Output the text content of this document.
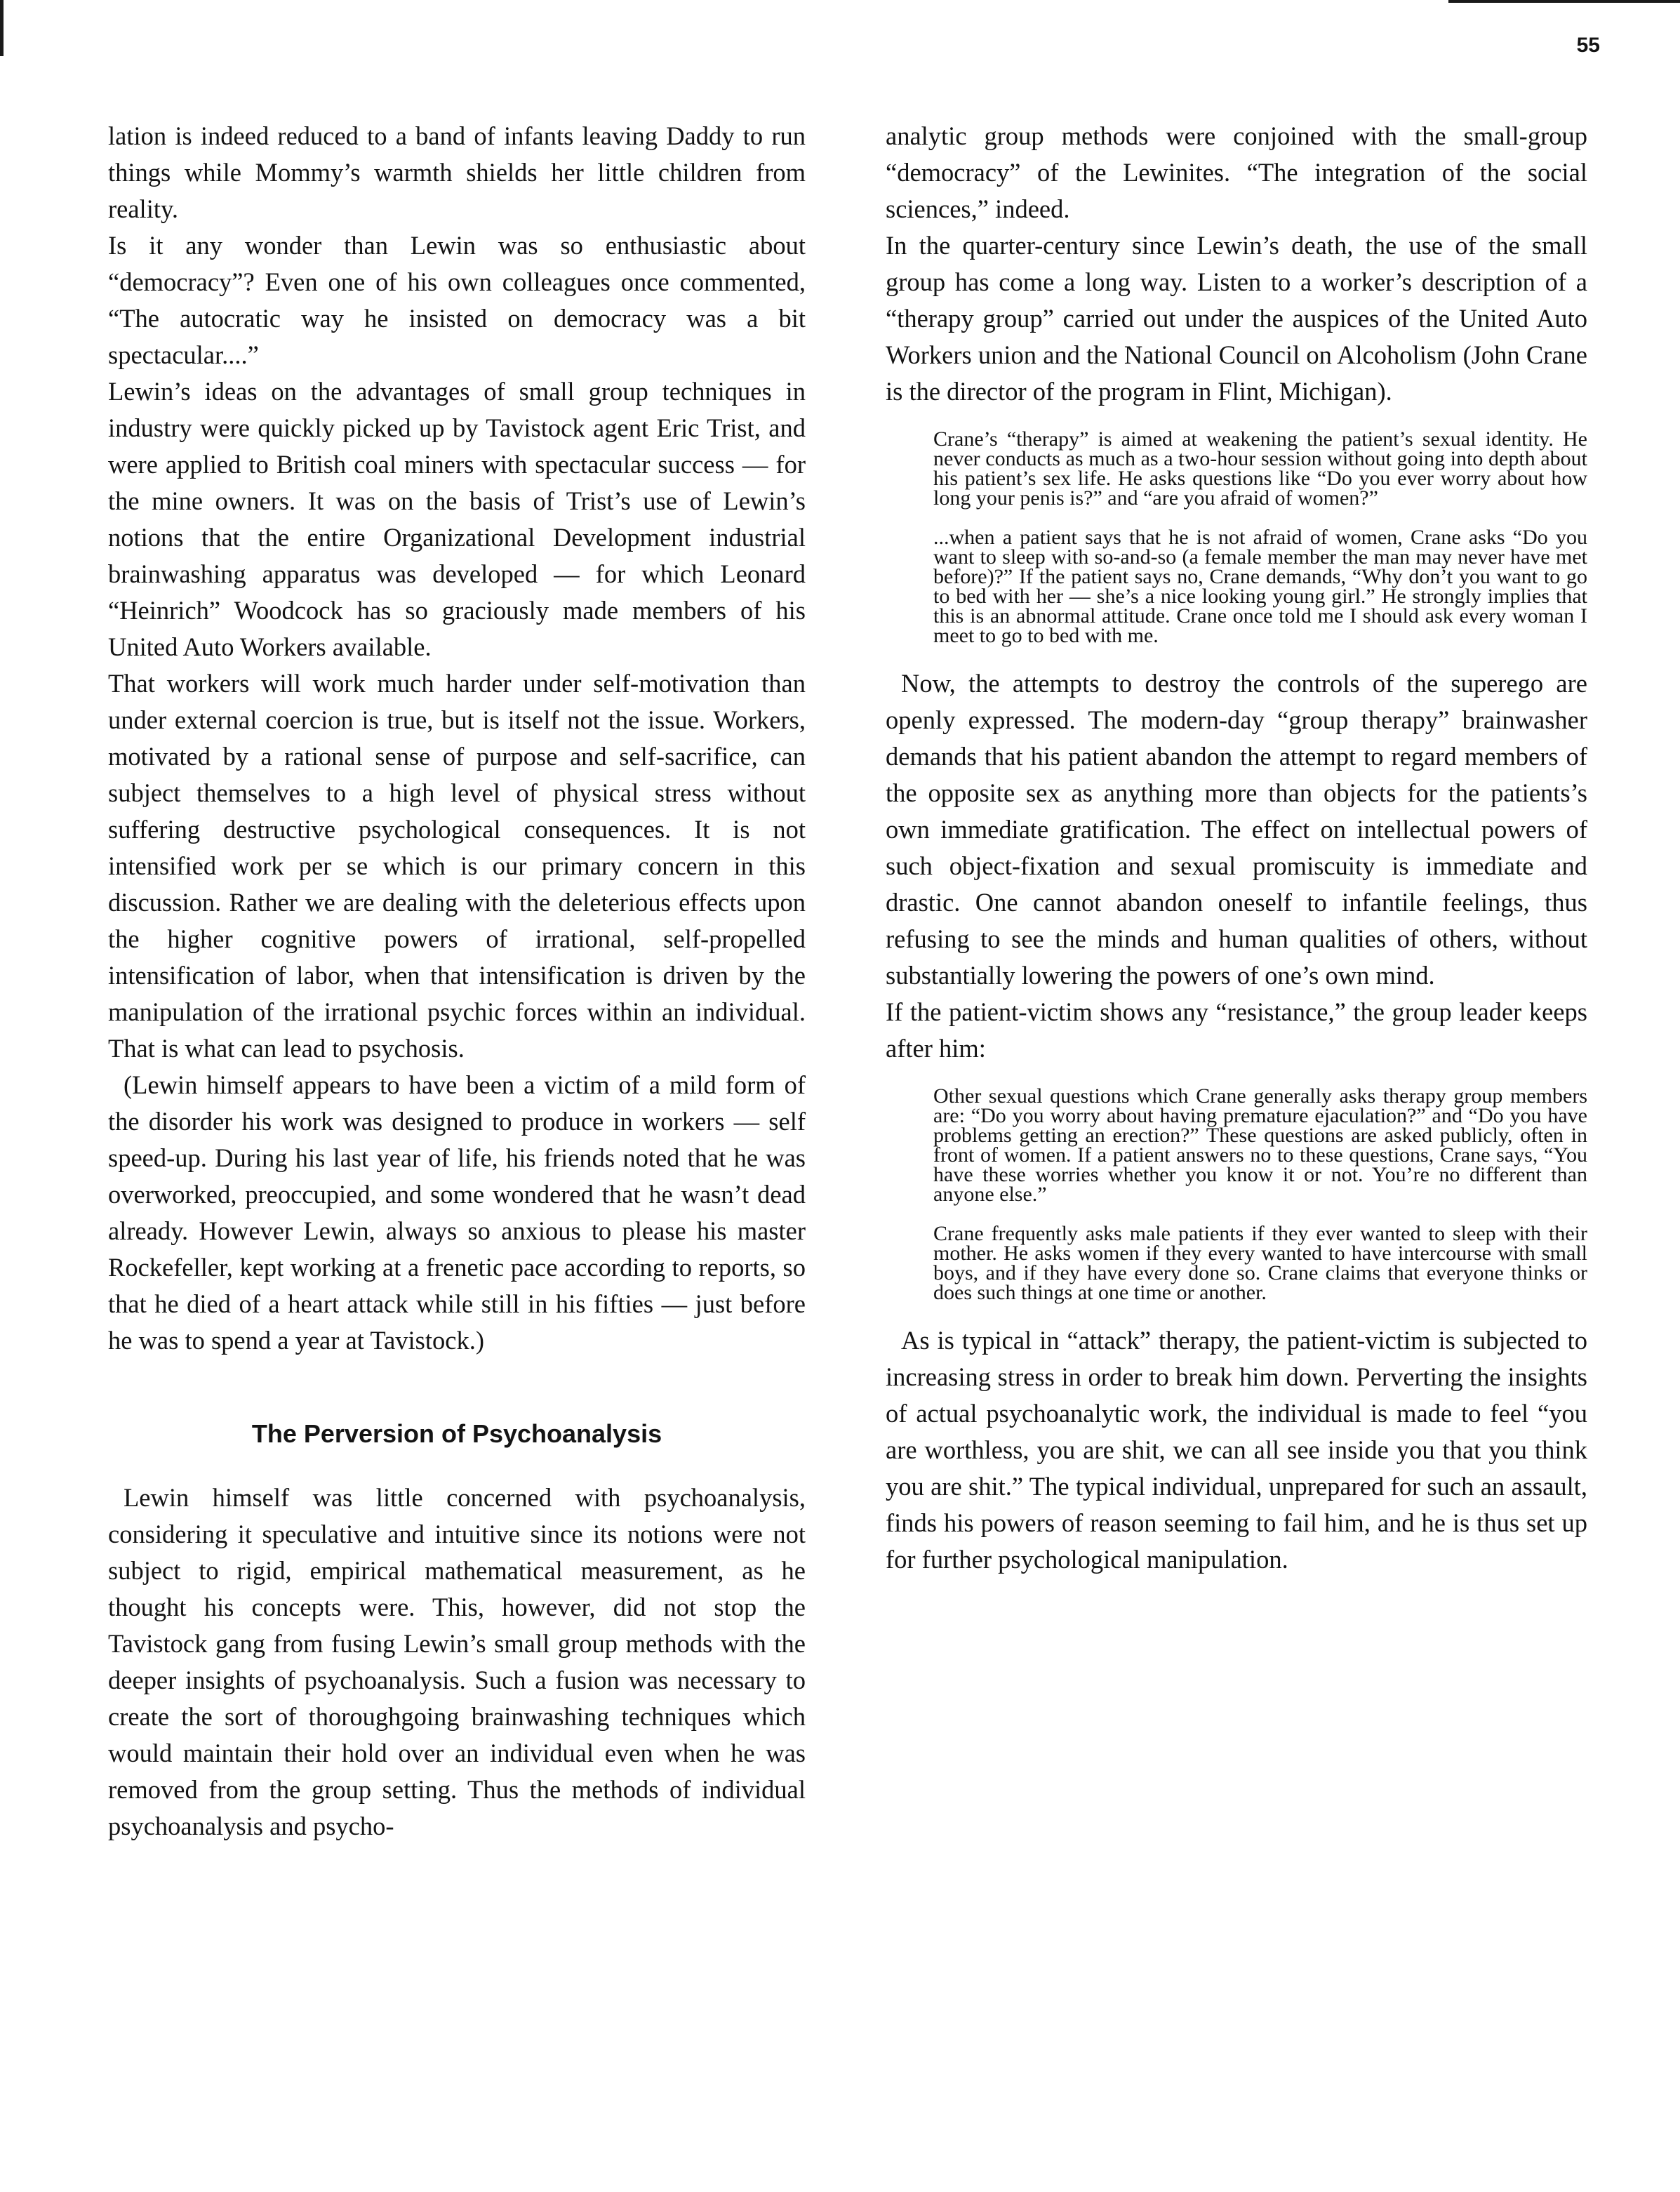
55

lation is indeed reduced to a band of infants leaving Daddy to run things while Mommy’s warmth shields her little children from reality.

Is it any wonder than Lewin was so enthusiastic about “democracy”? Even one of his own colleagues once commented, “The autocratic way he insisted on democracy was a bit spectacular....”

Lewin’s ideas on the advantages of small group techniques in industry were quickly picked up by Tavistock agent Eric Trist, and were applied to British coal miners with spectacular success — for the mine owners. It was on the basis of Trist’s use of Lewin’s notions that the entire Organizational Development industrial brainwashing apparatus was developed — for which Leonard “Heinrich” Woodcock has so graciously made members of his United Auto Workers available.

That workers will work much harder under self-motivation than under external coercion is true, but is itself not the issue. Workers, motivated by a rational sense of purpose and self-sacrifice, can subject themselves to a high level of physical stress without suffering destructive psychological consequences. It is not intensified work per se which is our primary concern in this discussion. Rather we are dealing with the deleterious effects upon the higher cognitive powers of irrational, self-propelled intensification of labor, when that intensification is driven by the manipulation of the irrational psychic forces within an individual. That is what can lead to psychosis.

(Lewin himself appears to have been a victim of a mild form of the disorder his work was designed to produce in workers — self speed-up. During his last year of life, his friends noted that he was overworked, preoccupied, and some wondered that he wasn’t dead already. However Lewin, always so anxious to please his master Rockefeller, kept working at a frenetic pace according to reports, so that he died of a heart attack while still in his fifties — just before he was to spend a year at Tavistock.)

The Perversion of Psychoanalysis

Lewin himself was little concerned with psychoanalysis, considering it speculative and intuitive since its notions were not subject to rigid, empirical mathematical measurement, as he thought his concepts were. This, however, did not stop the Tavistock gang from fusing Lewin’s small group methods with the deeper insights of psychoanalysis. Such a fusion was necessary to create the sort of thoroughgoing brainwashing techniques which would maintain their hold over an individual even when he was removed from the group setting. Thus the methods of individual psychoanalysis and psycho-

analytic group methods were conjoined with the small-group “democracy” of the Lewinites. “The integration of the social sciences,” indeed.

In the quarter-century since Lewin’s death, the use of the small group has come a long way. Listen to a worker’s description of a “therapy group” carried out under the auspices of the United Auto Workers union and the National Council on Alcoholism (John Crane is the director of the program in Flint, Michigan).

Crane’s “therapy” is aimed at weakening the patient’s sexual identity. He never conducts as much as a two-hour session without going into depth about his patient’s sex life. He asks questions like “Do you ever worry about how long your penis is?” and “are you afraid of women?”

...when a patient says that he is not afraid of women, Crane asks “Do you want to sleep with so-and-so (a female member the man may never have met before)?” If the patient says no, Crane demands, “Why don’t you want to go to bed with her — she’s a nice looking young girl.” He strongly implies that this is an abnormal attitude. Crane once told me I should ask every woman I meet to go to bed with me.

Now, the attempts to destroy the controls of the superego are openly expressed. The modern-day “group therapy” brainwasher demands that his patient abandon the attempt to regard members of the opposite sex as anything more than objects for the patients’s own immediate gratification. The effect on intellectual powers of such object-fixation and sexual promiscuity is immediate and drastic. One cannot abandon oneself to infantile feelings, thus refusing to see the minds and human qualities of others, without substantially lowering the powers of one’s own mind.

If the patient-victim shows any “resistance,” the group leader keeps after him:

Other sexual questions which Crane generally asks therapy group members are: “Do you worry about having premature ejaculation?” and “Do you have problems getting an erection?” These questions are asked publicly, often in front of women. If a patient answers no to these questions, Crane says, “You have these worries whether you know it or not. You’re no different than anyone else.”

Crane frequently asks male patients if they ever wanted to sleep with their mother. He asks women if they every wanted to have intercourse with small boys, and if they have every done so. Crane claims that everyone thinks or does such things at one time or another.

As is typical in “attack” therapy, the patient-victim is subjected to increasing stress in order to break him down. Perverting the insights of actual psychoanalytic work, the individual is made to feel “you are worthless, you are shit, we can all see inside you that you think you are shit.” The typical individual, unprepared for such an assault, finds his powers of reason seeming to fail him, and he is thus set up for further psychological manipulation.
